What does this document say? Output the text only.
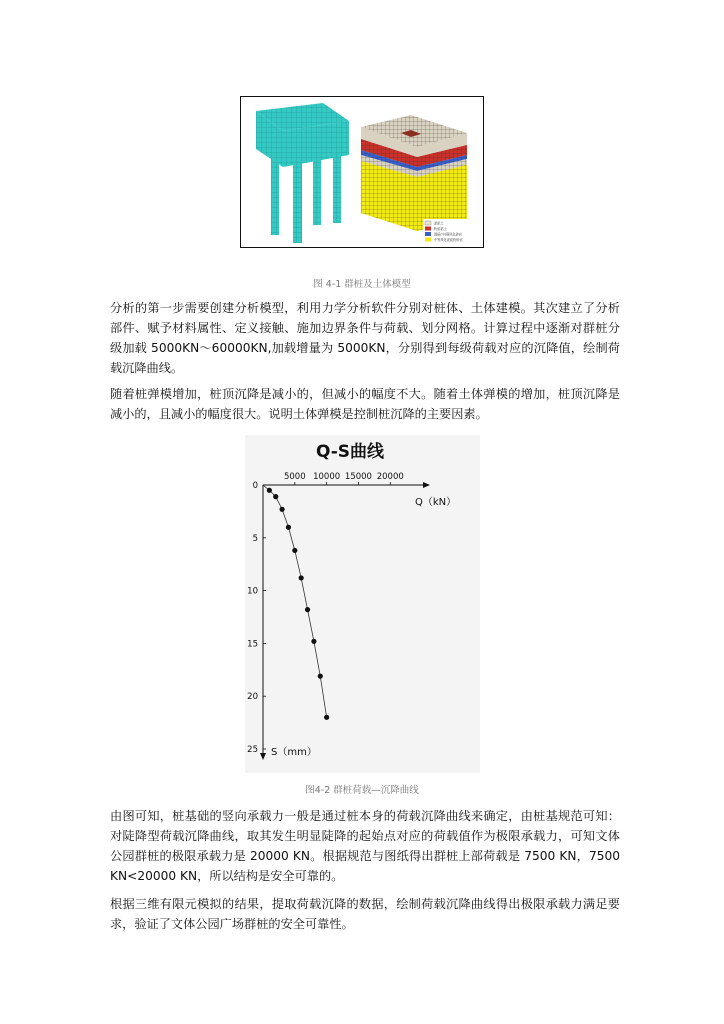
淤泥土
粉质粘土
圆砾(中)强风化砂岩
中等风化泥质粉砂岩
图 4-1 群桩及土体模型

分析的第一步需要创建分析模型，利用力学分析软件分别对桩体、土体建模。其次建立了分析部件、赋予材料属性、定义接触、施加边界条件与荷载、划分网格。计算过程中逐渐对群桩分级加载 5000KN～60000KN,加载增量为 5000KN，分别得到每级荷载对应的沉降值，绘制荷载沉降曲线。

随着桩弹模增加，桩顶沉降是减小的，但减小的幅度不大。随着土体弹模的增加，桩顶沉降是减小的，且减小的幅度很大。说明土体弹模是控制桩沉降的主要因素。

Q-S曲线
Q（kN）
S（mm）
5000 10000 15000 20000
0
5
10
15
20
25
图4-2 群桩荷载—沉降曲线

由图可知，桩基础的竖向承载力一般是通过桩本身的荷载沉降曲线来确定，由桩基规范可知：对陡降型荷载沉降曲线，取其发生明显陡降的起始点对应的荷载值作为极限承载力，可知文体公园群桩的极限承载力是 20000 KN。根据规范与图纸得出群桩上部荷载是 7500 KN，7500 KN<20000 KN，所以结构是安全可靠的。

根据三维有限元模拟的结果，提取荷载沉降的数据，绘制荷载沉降曲线得出极限承载力满足要求，验证了文体公园广场群桩的安全可靠性。
